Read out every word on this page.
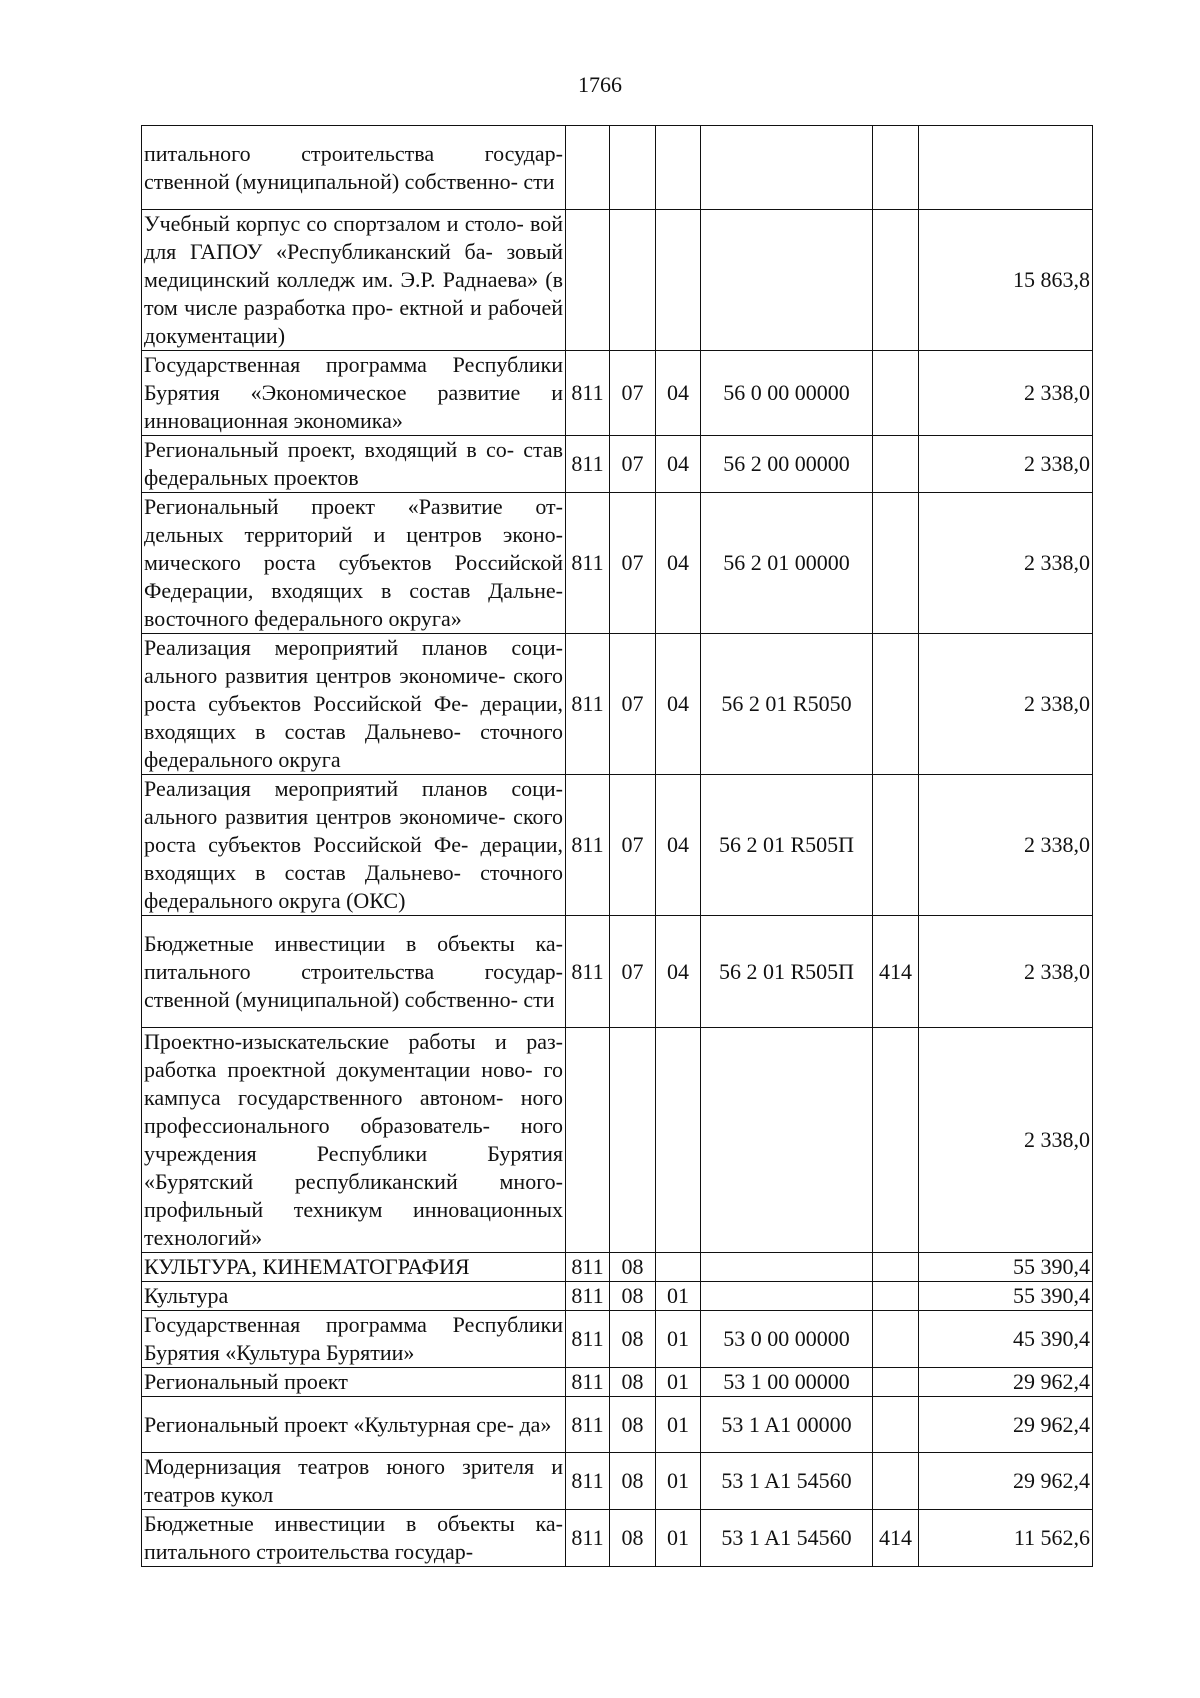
1766
питального строительства государ- ственной (муниципальной) собственно- сти						
Учебный корпус со спортзалом и столо- вой для ГАПОУ «Республиканский ба- зовый медицинский колледж им. Э.Р. Раднаева» (в том числе разработка про- ектной и рабочей документации)						15 863,8
Государственная программа Республики Бурятия «Экономическое развитие и инновационная экономика»	811	07	04	56 0 00 00000		2 338,0
Региональный проект, входящий в со- став федеральных проектов	811	07	04	56 2 00 00000		2 338,0
Региональный проект «Развитие от- дельных территорий и центров эконо- мического роста субъектов Российской Федерации, входящих в состав Дальне- восточного федерального округа»	811	07	04	56 2 01 00000		2 338,0
Реализация мероприятий планов соци- ального развития центров экономиче- ского роста субъектов Российской Фе- дерации, входящих в состав Дальнево- сточного федерального округа	811	07	04	56 2 01 R5050		2 338,0
Реализация мероприятий планов соци- ального развития центров экономиче- ского роста субъектов Российской Фе- дерации, входящих в состав Дальнево- сточного федерального округа (ОКС)	811	07	04	56 2 01 R505П		2 338,0
Бюджетные инвестиции в объекты ка- питального строительства государ- ственной (муниципальной) собственно- сти	811	07	04	56 2 01 R505П	414	2 338,0
Проектно-изыскательские работы и раз- работка проектной документации ново- го кампуса государственного автоном- ного профессионального образователь- ного учреждения Республики Бурятия «Бурятский республиканский много- профильный техникум инновационных технологий»						2 338,0
КУЛЬТУРА, КИНЕМАТОГРАФИЯ	811	08				55 390,4
Культура	811	08	01			55 390,4
Государственная программа Республики Бурятия «Культура Бурятии»	811	08	01	53 0 00 00000		45 390,4
Региональный проект	811	08	01	53 1 00 00000		29 962,4
Региональный проект «Культурная сре- да»	811	08	01	53 1 A1 00000		29 962,4
Модернизация театров юного зрителя и театров кукол	811	08	01	53 1 A1 54560		29 962,4
Бюджетные инвестиции в объекты ка- питального строительства государ-	811	08	01	53 1 A1 54560	414	11 562,6
